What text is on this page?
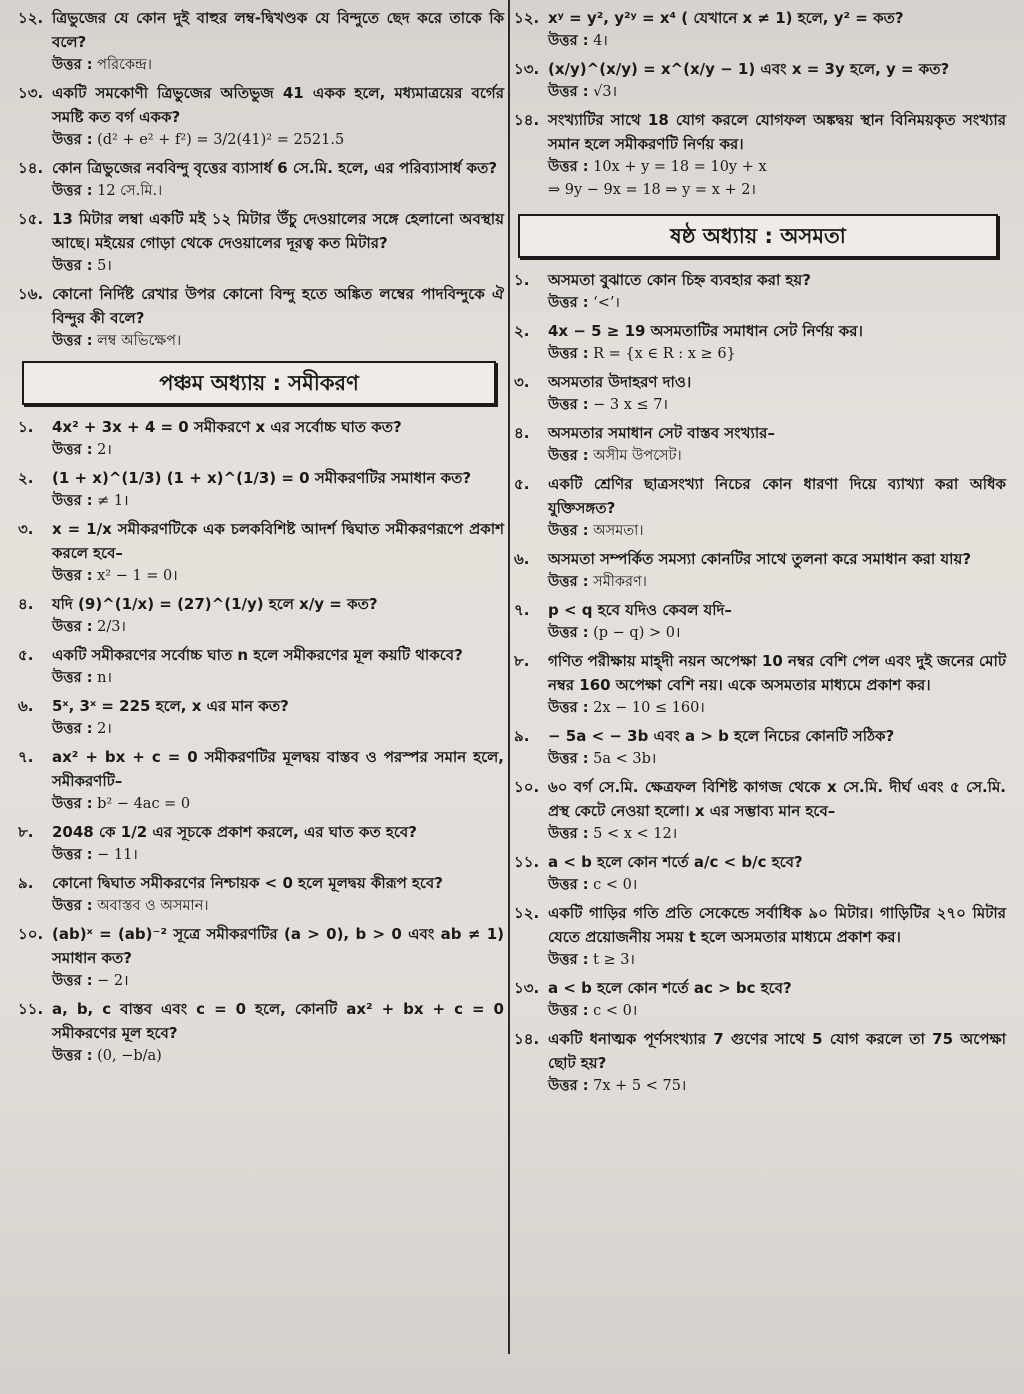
১২. ত্রিভুজের যে কোন দুই বাহুর লম্ব-দ্বিখণ্ডক যে বিন্দুতে ছেদ করে তাকে কি বলে?
উত্তর : পরিকেন্দ্র।
১৩. একটি সমকোণী ত্রিভুজের অতিভুজ 41 একক হলে, মধ্যমাত্রয়ের বর্গের সমষ্টি কত বর্গ একক?
উত্তর : (d² + e² + f²) = 3/2(41)² = 2521.5
১৪. কোন ত্রিভুজের নববিন্দু বৃত্তের ব্যাসার্ধ 6 সে.মি. হলে, এর পরিব্যাসার্ধ কত?
উত্তর : 12 সে.মি.।
১৫. 13 মিটার লম্বা একটি মই ১২ মিটার উঁচু দেওয়ালের সঙ্গে হেলানো অবস্থায় আছে। মইয়ের গোড়া থেকে দেওয়ালের দূরত্ব কত মিটার?
উত্তর : 5।
১৬. কোনো নির্দিষ্ট রেখার উপর কোনো বিন্দু হতে অঙ্কিত লম্বের পাদবিন্দুকে ঐ বিন্দুর কী বলে?
উত্তর : লম্ব অভিক্ষেপ।
পঞ্চম অধ্যায় : সমীকরণ
১.	4x² + 3x + 4 = 0 সমীকরণে x এর সর্বোচ্চ ঘাত কত?
উত্তর : 2।
২.	(1 + x)^(1/3) (1 + x)^(1/3) = 0 সমীকরণটির সমাধান কত?
উত্তর : ≠ 1।
৩.	x = 1/x সমীকরণটিকে এক চলকবিশিষ্ট আদর্শ দ্বিঘাত সমীকরণরূপে প্রকাশ করলে হবে–
উত্তর : x² − 1 = 0।
৪.	যদি (9)^(1/x) = (27)^(1/y) হলে x/y = কত?
উত্তর : 2/3।
৫.	একটি সমীকরণের সর্বোচ্চ ঘাত n হলে সমীকরণের মূল কয়টি থাকবে?
উত্তর : n।
৬.	5ˣ, 3ˣ = 225 হলে, x এর মান কত?
উত্তর : 2।
৭.	ax² + bx + c = 0 সমীকরণটির মূলদ্বয় বাস্তব ও পরস্পর সমান হলে, সমীকরণটি–
উত্তর : b² − 4ac = 0
৮.	2048 কে 1/2 এর সূচকে প্রকাশ করলে, এর ঘাত কত হবে?
উত্তর : − 11।
৯.	কোনো দ্বিঘাত সমীকরণের নিশ্চায়ক < 0 হলে মূলদ্বয় কীরূপ হবে?
উত্তর : অবাস্তব ও অসমান।
১০. (ab)ˣ = (ab)⁻² সূত্রে সমীকরণটির (a > 0), b > 0 এবং ab ≠ 1) সমাধান কত?
উত্তর : − 2।
১১. a, b, c বাস্তব এবং c = 0 হলে, কোনটি ax² + bx + c = 0 সমীকরণের মূল হবে?
উত্তর : (0, −b/a)
১২. xʸ = y², y²ʸ = x⁴ ( যেখানে x ≠ 1) হলে, y² = কত?
উত্তর : 4।
১৩. (x/y)^(x/y) = x^(x/y − 1) এবং x = 3y হলে, y = কত?
উত্তর : √3।
১৪. সংখ্যাটির সাথে 18 যোগ করলে যোগফল অঙ্কদ্বয় স্থান বিনিময়কৃত সংখ্যার সমান হলে সমীকরণটি নির্ণয় কর।
উত্তর : 10x + y = 18 = 10y + x
⇒ 9y − 9x = 18 ⇒ y = x + 2।
ষষ্ঠ অধ্যায় : অসমতা
১.	অসমতা বুঝাতে কোন চিহ্ন ব্যবহার করা হয়?
উত্তর : ‘<’।
২.	4x − 5 ≥ 19 অসমতাটির সমাধান সেট নির্ণয় কর।
উত্তর : R = {x ∈ R : x ≥ 6}
৩.	অসমতার উদাহরণ দাও।
উত্তর : − 3 x ≤ 7।
৪.	অসমতার সমাধান সেট বাস্তব সংখ্যার–
উত্তর : অসীম উপসেট।
৫.	একটি শ্রেণির ছাত্রসংখ্যা নিচের কোন ধারণা দিয়ে ব্যাখ্যা করা অধিক যুক্তিসঙ্গত?
উত্তর : অসমতা।
৬.	অসমতা সম্পর্কিত সমস্যা কোনটির সাথে তুলনা করে সমাধান করা যায়?
উত্তর : সমীকরণ।
৭.	p < q হবে যদিও কেবল যদি–
উত্তর : (p − q) > 0।
৮.	গণিত পরীক্ষায় মাহ্দী নয়ন অপেক্ষা 10 নম্বর বেশি পেল এবং দুই জনের মোট নম্বর 160 অপেক্ষা বেশি নয়। একে অসমতার মাধ্যমে প্রকাশ কর।
উত্তর : 2x − 10 ≤ 160।
৯.	− 5a < − 3b এবং a > b হলে নিচের কোনটি সঠিক?
উত্তর : 5a < 3b।
১০. ৬০ বর্গ সে.মি. ক্ষেত্রফল বিশিষ্ট কাগজ থেকে x সে.মি. দীর্ঘ এবং ৫ সে.মি. প্রস্থ কেটে নেওয়া হলো। x এর সম্ভাব্য মান হবে–
উত্তর : 5 < x < 12।
১১. a < b হলে কোন শর্তে a/c < b/c হবে?
উত্তর : c < 0।
১২. একটি গাড়ির গতি প্রতি সেকেন্ডে সর্বাধিক ৯০ মিটার। গাড়িটির ২৭০ মিটার যেতে প্রয়োজনীয় সময় t হলে অসমতার মাধ্যমে প্রকাশ কর।
উত্তর : t ≥ 3।
১৩. a < b হলে কোন শর্তে ac > bc হবে?
উত্তর : c < 0।
১৪. একটি ধনাত্মক পূর্ণসংখ্যার 7 গুণের সাথে 5 যোগ করলে তা 75 অপেক্ষা ছোট হয়?
উত্তর : 7x + 5 < 75।
